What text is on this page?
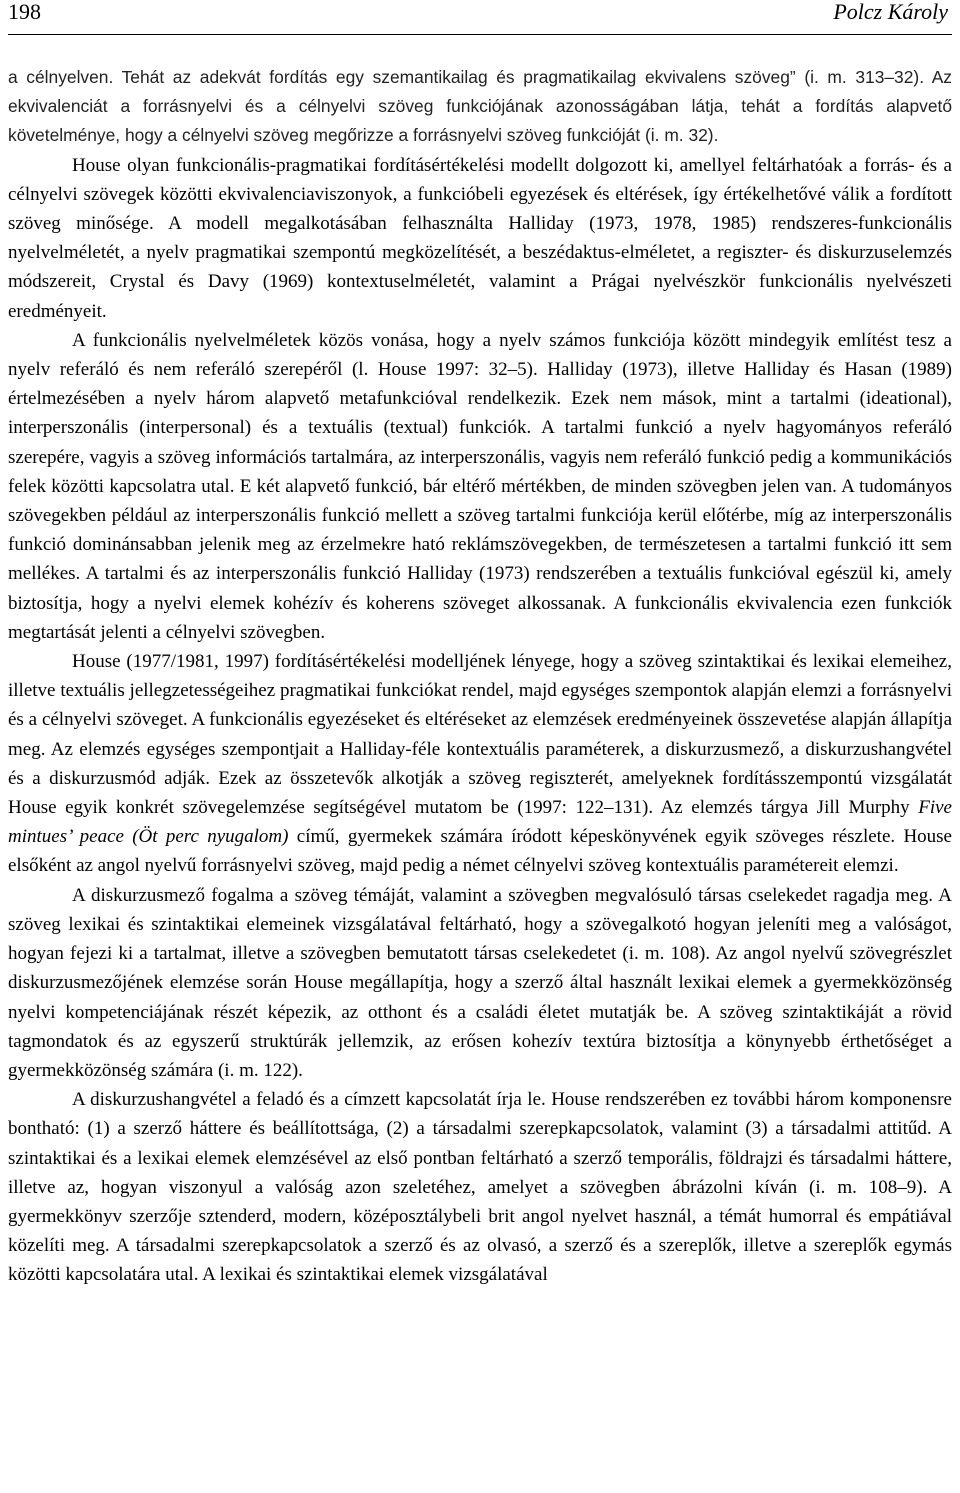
198	Polcz Károly

a célnyelven. Tehát az adekvát fordítás egy szemantikailag és pragmatikailag ekvivalens szöveg” (i. m. 313–32). Az ekvivalenciát a forrásnyelvi és a célnyelvi szöveg funkciójának azonosságában látja, tehát a fordítás alapvető követelménye, hogy a célnyelvi szöveg megőrizze a forrásnyelvi szöveg funkcióját (i. m. 32).

House olyan funkcionális-pragmatikai fordításértékelési modellt dolgozott ki, amellyel feltárhatóak a forrás- és a célnyelvi szövegek közötti ekvivalenciaviszonyok, a funkcióbeli egyezések és eltérések, így értékelhetővé válik a fordított szöveg minősége. A modell megalkotásában felhasználta Halliday (1973, 1978, 1985) rendszeres-funkcionális nyelvelméletét, a nyelv pragmatikai szempontú megközelítését, a beszédaktus-elméletet, a regiszter- és diskurzuselemzés módszereit, Crystal és Davy (1969) kontextuselméletét, valamint a Prágai nyelvészkör funkcionális nyelvészeti eredményeit.

A funkcionális nyelvelméletek közös vonása, hogy a nyelv számos funkciója között mindegyik említést tesz a nyelv referáló és nem referáló szerepéről (l. House 1997: 32–5). Halliday (1973), illetve Halliday és Hasan (1989) értelmezésében a nyelv három alapvető metafunkcióval rendelkezik. Ezek nem mások, mint a tartalmi (ideational), interperszonális (interpersonal) és a textuális (textual) funkciók. A tartalmi funkció a nyelv hagyományos referáló szerepére, vagyis a szöveg információs tartalmára, az interperszonális, vagyis nem referáló funkció pedig a kommunikációs felek közötti kapcsolatra utal. E két alapvető funkció, bár eltérő mértékben, de minden szövegben jelen van. A tudományos szövegekben például az interperszonális funkció mellett a szöveg tartalmi funkciója kerül előtérbe, míg az interperszonális funkció dominánsabban jelenik meg az érzelmekre ható reklámszövegekben, de természetesen a tartalmi funkció itt sem mellékes. A tartalmi és az interperszonális funkció Halliday (1973) rendszerében a textuális funkcióval egészül ki, amely biztosítja, hogy a nyelvi elemek kohézív és koherens szöveget alkossanak. A funkcionális ekvivalencia ezen funkciók megtartását jelenti a célnyelvi szövegben.

House (1977/1981, 1997) fordításértékelési modelljének lényege, hogy a szöveg szintaktikai és lexikai elemeihez, illetve textuális jellegzetességeihez pragmatikai funkciókat rendel, majd egységes szempontok alapján elemzi a forrásnyelvi és a célnyelvi szöveget. A funkcionális egyezéseket és eltéréseket az elemzések eredményeinek összevetése alapján állapítja meg. Az elemzés egységes szempontjait a Halliday-féle kontextuális paraméterek, a diskurzusmező, a diskurzushangvétel és a diskurzusmód adják. Ezek az összetevők alkotják a szöveg regiszterét, amelyeknek fordításszempontú vizsgálatát House egyik konkrét szövegelemzése segítségével mutatom be (1997: 122–131). Az elemzés tárgya Jill Murphy Five mintues’ peace (Öt perc nyugalom) című, gyermekek számára íródott képeskönyvének egyik szöveges részlete. House elsőként az angol nyelvű forrásnyelvi szöveg, majd pedig a német célnyelvi szöveg kontextuális paramétereit elemzi.

A diskurzusmező fogalma a szöveg témáját, valamint a szövegben megvalósuló társas cselekedet ragadja meg. A szöveg lexikai és szintaktikai elemeinek vizsgálatával feltárható, hogy a szövegalkotó hogyan jeleníti meg a valóságot, hogyan fejezi ki a tartalmat, illetve a szövegben bemutatott társas cselekedetet (i. m. 108). Az angol nyelvű szövegrészlet diskurzusmezőjének elemzése során House megállapítja, hogy a szerző által használt lexikai elemek a gyermekközönség nyelvi kompetenciájának részét képezik, az otthont és a családi életet mutatják be. A szöveg szintaktikáját a rövid tagmondatok és az egyszerű struktúrák jellemzik, az erősen kohezív textúra biztosítja a könynyebb érthetőséget a gyermekközönség számára (i. m. 122).

A diskurzushangvétel a feladó és a címzett kapcsolatát írja le. House rendszerében ez további három komponensre bontható: (1) a szerző háttere és beállítottsága, (2) a társadalmi szerepkapcsolatok, valamint (3) a társadalmi attitűd. A szintaktikai és a lexikai elemek elemzésével az első pontban feltárható a szerző temporális, földrajzi és társadalmi háttere, illetve az, hogyan viszonyul a valóság azon szeletéhez, amelyet a szövegben ábrázolni kíván (i. m. 108–9). A gyermekkönyv szerzője sztenderd, modern, középosztálybeli brit angol nyelvet használ, a témát humorral és empátiával közelíti meg. A társadalmi szerepkapcsolatok a szerző és az olvasó, a szerző és a szereplők, illetve a szereplők egymás közötti kapcsolatára utal. A lexikai és szintaktikai elemek vizsgálatával
